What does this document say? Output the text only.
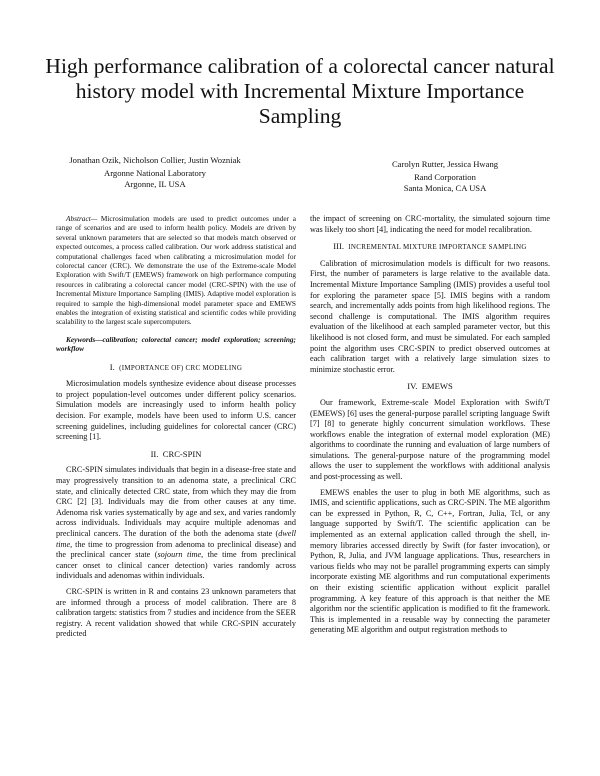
High performance calibration of a colorectal cancer natural history model with Incremental Mixture Importance Sampling
Jonathan Ozik, Nicholson Collier, Justin Wozniak
Argonne National Laboratory
Argonne, IL USA
Carolyn Rutter, Jessica Hwang
Rand Corporation
Santa Monica, CA USA

Abstract— Microsimulation models are used to predict outcomes under a range of scenarios and are used to inform health policy. Models are driven by several unknown parameters that are selected so that models match observed or expected outcomes, a process called calibration. Our work address statistical and computational challenges faced when calibrating a microsimulation model for colorectal cancer (CRC). We demonstrate the use of the Extreme-scale Model Exploration with Swift/T (EMEWS) framework on high performance computing resources in calibrating a colorectal cancer model (CRC-SPIN) with the use of Incremental Mixture Importance Sampling (IMIS). Adaptive model exploration is required to sample the high-dimensional model parameter space and EMEWS enables the integration of existing statistical and scientific codes while providing scalability to the largest scale supercomputers.

Keywords—calibration; colorectal cancer; model exploration; screening; workflow

I. (IMPORTANCE OF) CRC MODELING

Microsimulation models synthesize evidence about disease processes to project population-level outcomes under different policy scenarios. Simulation models are increasingly used to inform health policy decision. For example, models have been used to inform U.S. cancer screening guidelines, including guidelines for colorectal cancer (CRC) screening [1].

II. CRC-SPIN

CRC-SPIN simulates individuals that begin in a disease-free state and may progressively transition to an adenoma state, a preclinical CRC state, and clinically detected CRC state, from which they may die from CRC [2] [3]. Individuals may die from other causes at any time. Adenoma risk varies systematically by age and sex, and varies randomly across individuals. Individuals may acquire multiple adenomas and preclinical cancers. The duration of the both the adenoma state (dwell time, the time to progression from adenoma to preclinical disease) and the preclinical cancer state (sojourn time, the time from preclinical cancer onset to clinical cancer detection) varies randomly across individuals and adenomas within individuals.

CRC-SPIN is written in R and contains 23 unknown parameters that are informed through a process of model calibration. There are 8 calibration targets: statistics from 7 studies and incidence from the SEER registry. A recent validation showed that while CRC-SPIN accurately predicted

the impact of screening on CRC-mortality, the simulated sojourn time was likely too short [4], indicating the need for model recalibration.

III. INCREMENTAL MIXTURE IMPORTANCE SAMPLING

Calibration of microsimulation models is difficult for two reasons. First, the number of parameters is large relative to the available data. Incremental Mixture Importance Sampling (IMIS) provides a useful tool for exploring the parameter space [5]. IMIS begins with a random search, and incrementally adds points from high likelihood regions. The second challenge is computational. The IMIS algorithm requires evaluation of the likelihood at each sampled parameter vector, but this likelihood is not closed form, and must be simulated. For each sampled point the algorithm uses CRC-SPIN to predict observed outcomes at each calibration target with a relatively large simulation sizes to minimize stochastic error.

IV. EMEWS

Our framework, Extreme-scale Model Exploration with Swift/T (EMEWS) [6] uses the general-purpose parallel scripting language Swift [7] [8] to generate highly concurrent simulation workflows. These workflows enable the integration of external model exploration (ME) algorithms to coordinate the running and evaluation of large numbers of simulations. The general-purpose nature of the programming model allows the user to supplement the workflows with additional analysis and post-processing as well.

EMEWS enables the user to plug in both ME algorithms, such as IMIS, and scientific applications, such as CRC-SPIN. The ME algorithm can be expressed in Python, R, C, C++, Fortran, Julia, Tcl, or any language supported by Swift/T. The scientific application can be implemented as an external application called through the shell, in-memory libraries accessed directly by Swift (for faster invocation), or Python, R, Julia, and JVM language applications. Thus, researchers in various fields who may not be parallel programming experts can simply incorporate existing ME algorithms and run computational experiments on their existing scientific application without explicit parallel programming. A key feature of this approach is that neither the ME algorithm nor the scientific application is modified to fit the framework. This is implemented in a reusable way by connecting the parameter generating ME algorithm and output registration methods to
